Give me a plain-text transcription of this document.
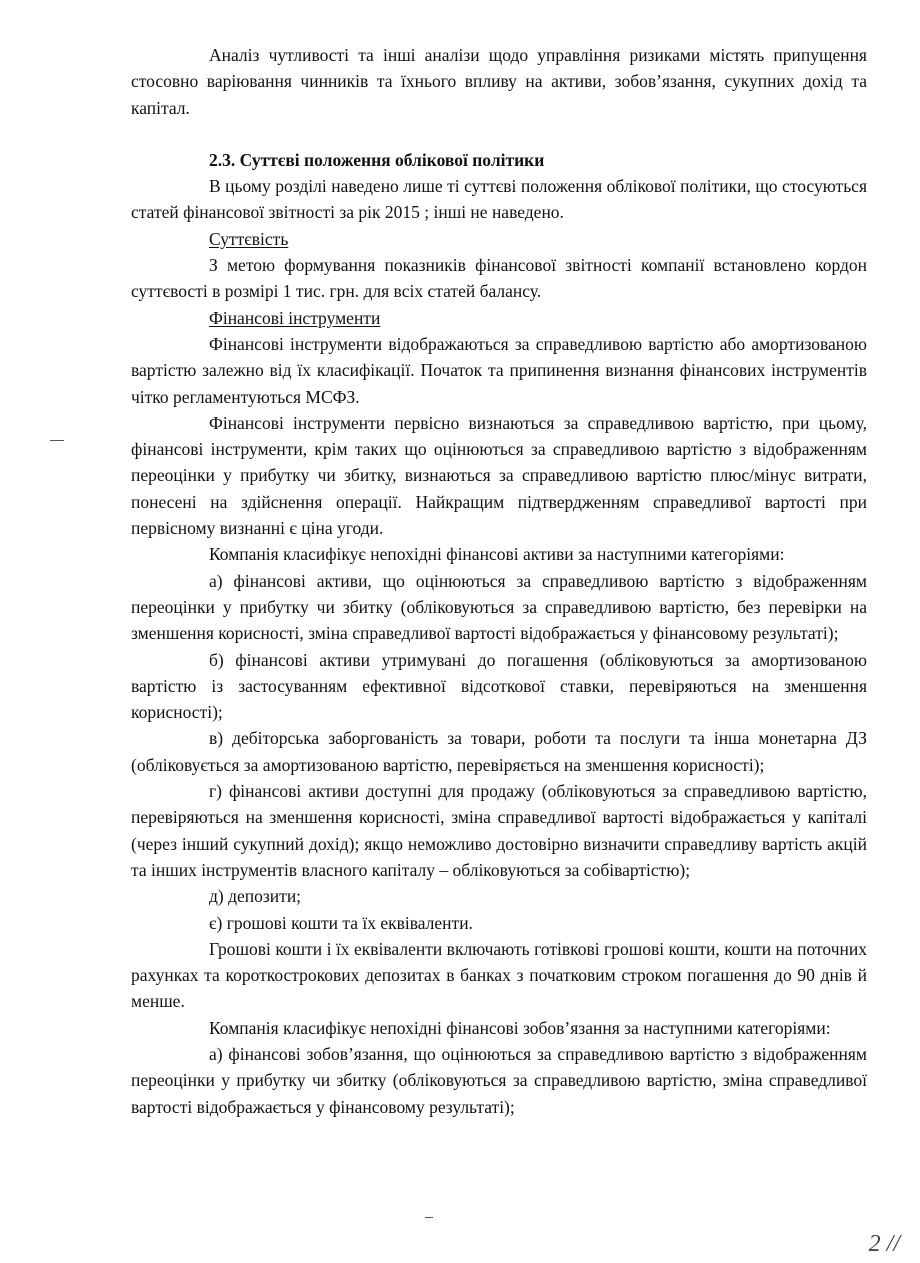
Аналіз чутливості та інші аналізи щодо управління ризиками містять припущення стосовно варіювання чинників та їхнього впливу на активи, зобов’язання, сукупних дохід та капітал.

2.3. Суттєві положення облікової політики

В цьому розділі наведено лише ті суттєві положення облікової політики, що стосуються статей фінансової звітності за рік 2015 ; інші не наведено.

Суттєвість

З метою формування показників фінансової звітності компанії встановлено кордон суттєвості в розмірі 1 тис. грн. для всіх статей балансу.

Фінансові інструменти

Фінансові інструменти відображаються за справедливою вартістю або амортизованою вартістю залежно від їх класифікації. Початок та припинення визнання фінансових інструментів чітко регламентуються МСФЗ.

Фінансові інструменти первісно визнаються за справедливою вартістю, при цьому, фінансові інструменти, крім таких що оцінюються за справедливою вартістю з відображенням переоцінки у прибутку чи збитку, визнаються за справедливою вартістю плюс/мінус витрати, понесені на здійснення операції. Найкращим підтвердженням справедливої вартості при первісному визнанні є ціна угоди.

Компанія класифікує непохідні фінансові активи за наступними категоріями:

а) фінансові активи, що оцінюються за справедливою вартістю з відображенням переоцінки у прибутку чи збитку (обліковуються за справедливою вартістю, без перевірки на зменшення корисності, зміна справедливої вартості відображається у фінансовому результаті);

б) фінансові активи утримувані до погашення (обліковуються за амортизованою вартістю із застосуванням ефективної відсоткової ставки, перевіряються на зменшення корисності);

в) дебіторська заборгованість за товари, роботи та послуги та інша монетарна ДЗ (обліковується за амортизованою вартістю, перевіряється на зменшення корисності);

г) фінансові активи доступні для продажу (обліковуються за справедливою вартістю, перевіряються на зменшення корисності, зміна справедливої вартості відображається у капіталі (через інший сукупний дохід); якщо неможливо достовірно визначити справедливу вартість акцій та інших інструментів власного капіталу – обліковуються за собівартістю);

д) депозити;

є) грошові кошти та їх еквіваленти.

Грошові кошти і їх еквіваленти включають готівкові грошові кошти, кошти на поточних рахунках та короткострокових депозитах в банках з початковим строком погашення до 90 днів й менше.

Компанія класифікує непохідні фінансові зобов’язання за наступними категоріями:

а) фінансові зобов’язання, що оцінюються за справедливою вартістю з відображенням переоцінки у прибутку чи збитку (обліковуються за справедливою вартістю, зміна справедливої вартості відображається у фінансовому результаті);

2 //
